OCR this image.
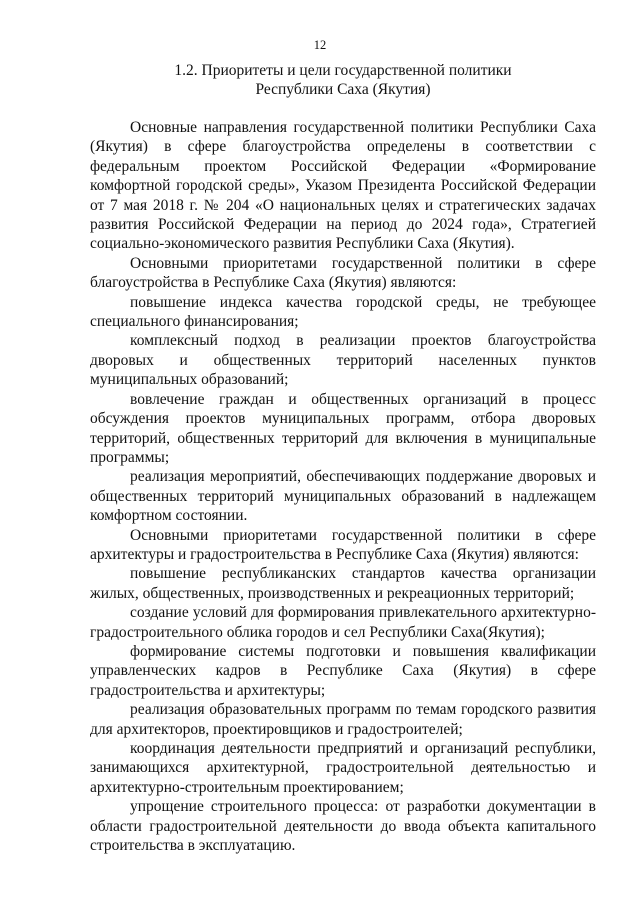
12
1.2. Приоритеты и цели государственной политики
Республики Саха (Якутия)

Основные направления государственной политики Республики Саха (Якутия) в сфере благоустройства определены в соответствии с федеральным проектом Российской Федерации «Формирование комфортной городской среды», Указом Президента Российской Федерации от 7 мая 2018 г. № 204 «О национальных целях и стратегических задачах развития Российской Федерации на период до 2024 года», Стратегией социально-экономического развития Республики Саха (Якутия).

Основными приоритетами государственной политики в сфере благоустройства в Республике Саха (Якутия) являются:

повышение индекса качества городской среды, не требующее специального финансирования;

комплексный подход в реализации проектов благоустройства дворовых и общественных территорий населенных пунктов муниципальных образований;

вовлечение граждан и общественных организаций в процесс обсуждения проектов муниципальных программ, отбора дворовых территорий, общественных территорий для включения в муниципальные программы;

реализация мероприятий, обеспечивающих поддержание дворовых и общественных территорий муниципальных образований в надлежащем комфортном состоянии.

Основными приоритетами государственной политики в сфере архитектуры и градостроительства в Республике Саха (Якутия) являются:

повышение республиканских стандартов качества организации жилых, общественных, производственных и рекреационных территорий;

создание условий для формирования привлекательного архитектурно-градостроительного облика городов и сел Республики Саха(Якутия);

формирование системы подготовки и повышения квалификации управленческих кадров в Республике Саха (Якутия) в сфере градостроительства и архитектуры;

реализация образовательных программ по темам городского развития для архитекторов, проектировщиков и градостроителей;

координация деятельности предприятий и организаций республики, занимающихся архитектурной, градостроительной деятельностью и архитектурно-строительным проектированием;

упрощение строительного процесса: от разработки документации в области градостроительной деятельности до ввода объекта капитального строительства в эксплуатацию.
